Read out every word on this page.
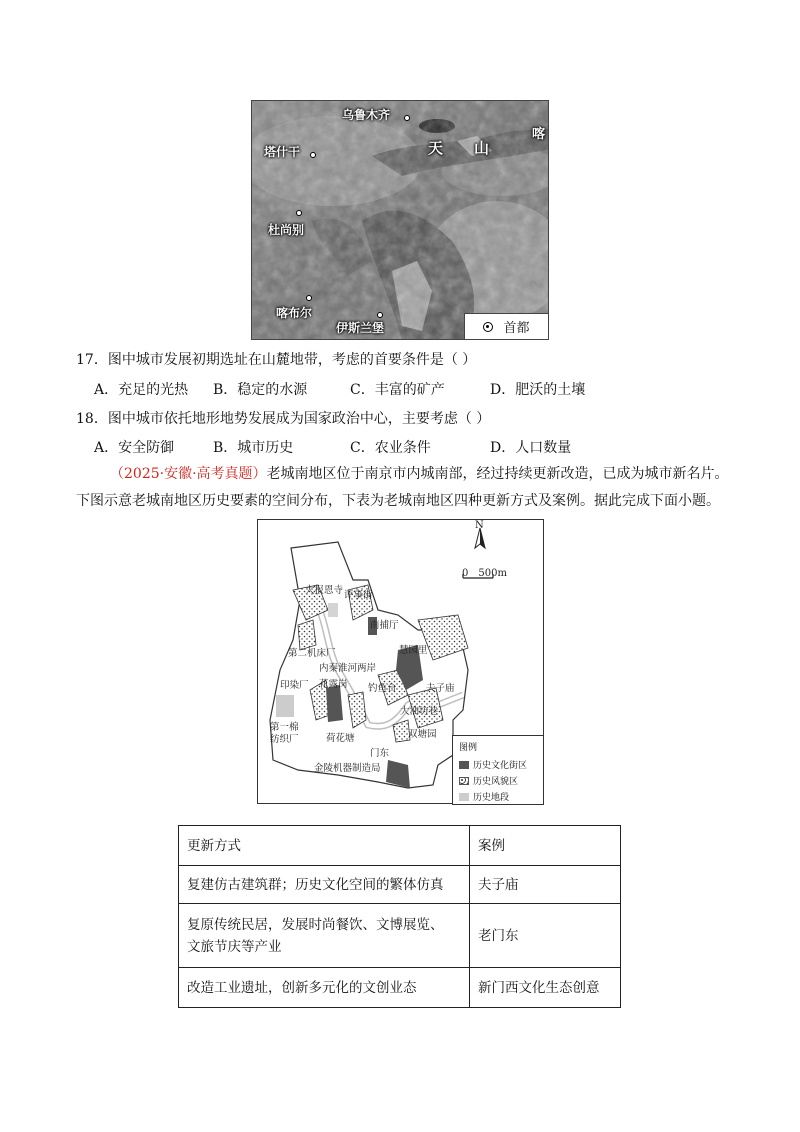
乌鲁木齐
塔什干
杜尚别
喀布尔
伊斯兰堡
天　山
喀
首都
17．图中城市发展初期选址在山麓地带，考虑的首要条件是（ ）
A．充足的光热 B．稳定的水源	C．丰富的矿产	D．肥沃的土壤
18．图中城市依托地形地势发展成为国家政治中心，主要考虑（ ）
A．安全防御	B．城市历史	C．农业条件	D．人口数量
（2025·安徽·高考真题）老城南地区位于南京市内城南部，经过持续更新改造，已成为城市新名片。
下图示意老城南地区历史要素的空间分布，下表为老城南地区四种更新方式及案例。据此完成下面小题。
N
0　500m
大报恩寺 评事街
南捕厅
慧园里
第二机床厂
内秦淮河两岸
印染厂 花露岗 钓鱼台	夫子庙
大油坊巷
第一棉纺织厂	荷花塘	双塘园
门东
金陵机器制造局
图例
历史文化街区
历史风貌区
历史地段
更新方式	案例
复建仿古建筑群；历史文化空间的繁体仿真	夫子庙

复原传统民居，发展时尚餐饮、文博展览、
文旅节庆等产业	老门东
改造工业遗址，创新多元化的文创业态	新门西文化生态创意
